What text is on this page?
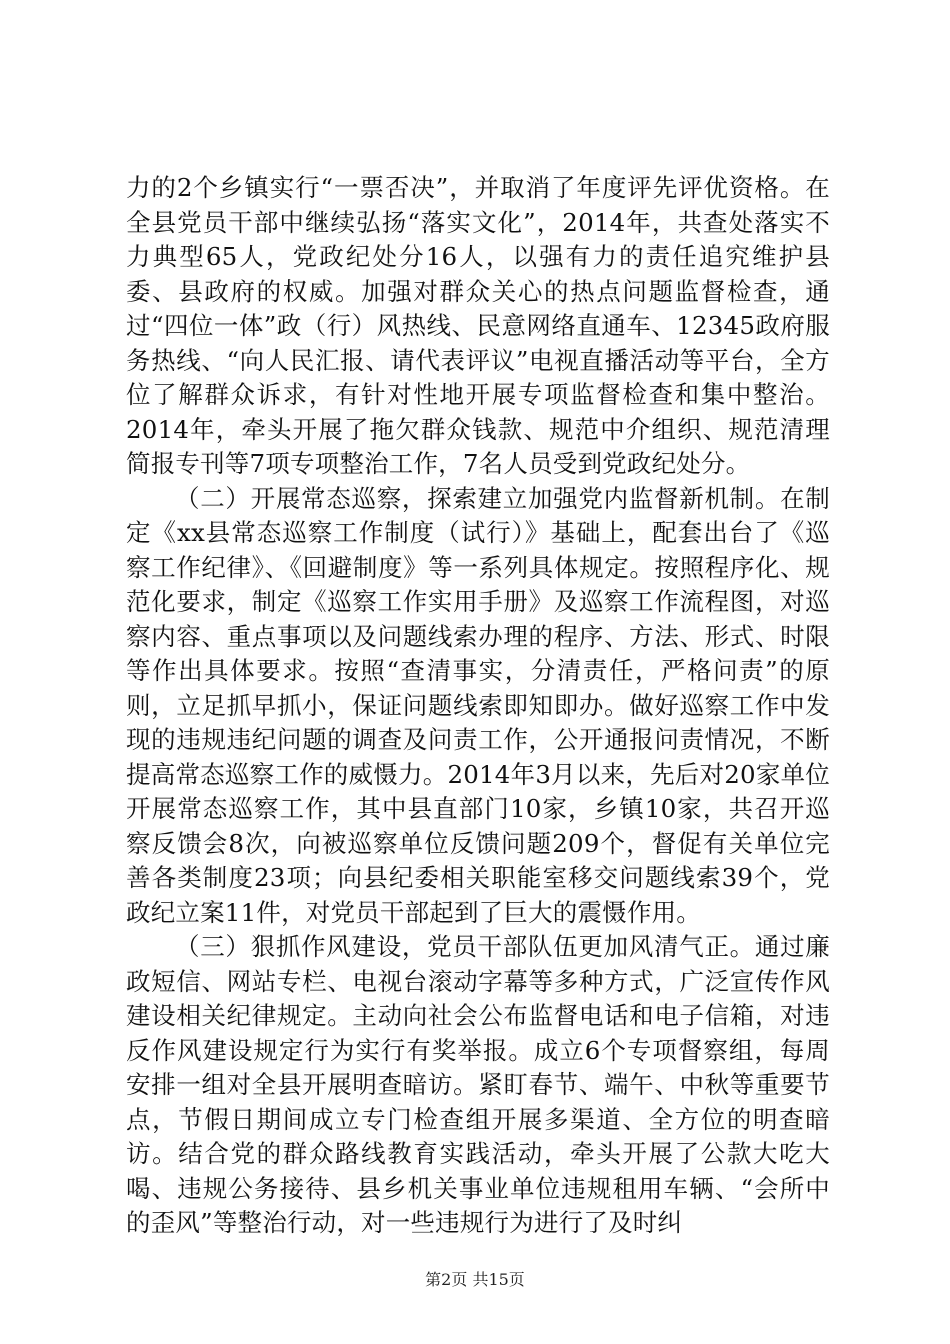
力的2个乡镇实行“一票否决”，并取消了年度评先评优资格。在全县党员干部中继续弘扬“落实文化”，2014年，共查处落实不力典型65人，党政纪处分16人，以强有力的责任追究维护县委、县政府的权威。加强对群众关心的热点问题监督检查，通过“四位一体”政（行）风热线、民意网络直通车、12345政府服务热线、“向人民汇报、请代表评议”电视直播活动等平台，全方位了解群众诉求，有针对性地开展专项监督检查和集中整治。2014年，牵头开展了拖欠群众钱款、规范中介组织、规范清理简报专刊等7项专项整治工作，7名人员受到党政纪处分。

（二）开展常态巡察，探索建立加强党内监督新机制。在制定《xx县常态巡察工作制度（试行）》基础上，配套出台了《巡察工作纪律》、《回避制度》等一系列具体规定。按照程序化、规范化要求，制定《巡察工作实用手册》及巡察工作流程图，对巡察内容、重点事项以及问题线索办理的程序、方法、形式、时限等作出具体要求。按照“查清事实，分清责任，严格问责”的原则，立足抓早抓小，保证问题线索即知即办。做好巡察工作中发现的违规违纪问题的调查及问责工作，公开通报问责情况，不断提高常态巡察工作的威慑力。2014年3月以来，先后对20家单位开展常态巡察工作，其中县直部门10家，乡镇10家，共召开巡察反馈会8次，向被巡察单位反馈问题209个，督促有关单位完善各类制度23项；向县纪委相关职能室移交问题线索39个，党政纪立案11件，对党员干部起到了巨大的震慑作用。

（三）狠抓作风建设，党员干部队伍更加风清气正。通过廉政短信、网站专栏、电视台滚动字幕等多种方式，广泛宣传作风建设相关纪律规定。主动向社会公布监督电话和电子信箱，对违反作风建设规定行为实行有奖举报。成立6个专项督察组，每周安排一组对全县开展明查暗访。紧盯春节、端午、中秋等重要节点，节假日期间成立专门检查组开展多渠道、全方位的明查暗访。结合党的群众路线教育实践活动，牵头开展了公款大吃大喝、违规公务接待、县乡机关事业单位违规租用车辆、“会所中的歪风”等整治行动，对一些违规行为进行了及时纠

第2页 共15页
